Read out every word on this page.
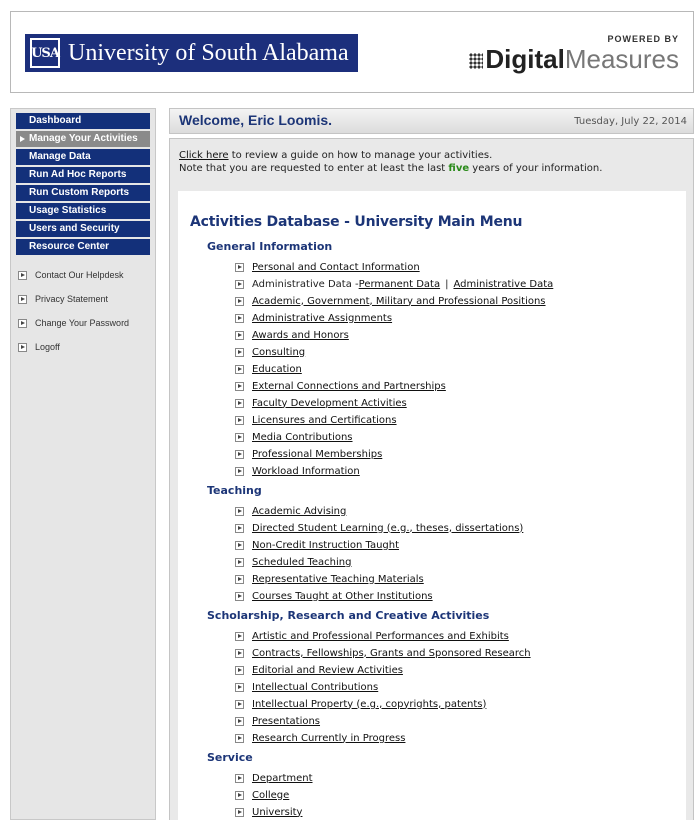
USA University of South Alabama
POWERED BY
DigitalMeasures
Dashboard
Manage Your Activities
Manage Data
Run Ad Hoc Reports
Run Custom Reports
Usage Statistics
Users and Security
Resource Center
Contact Our Helpdesk
Privacy Statement
Change Your Password
Logoff
Welcome, Eric Loomis.	Tuesday, July 22, 2014
Click here to review a guide on how to manage your activities.
Note that you are requested to enter at least the last five years of your information.
Activities Database - University Main Menu
General Information
Personal and Contact Information
Administrative Data - Permanent Data | Administrative Data
Academic, Government, Military and Professional Positions
Administrative Assignments
Awards and Honors
Consulting
Education
External Connections and Partnerships
Faculty Development Activities
Licensures and Certifications
Media Contributions
Professional Memberships
Workload Information
Teaching
Academic Advising
Directed Student Learning (e.g., theses, dissertations)
Non-Credit Instruction Taught
Scheduled Teaching
Representative Teaching Materials
Courses Taught at Other Institutions
Scholarship, Research and Creative Activities
Artistic and Professional Performances and Exhibits
Contracts, Fellowships, Grants and Sponsored Research
Editorial and Review Activities
Intellectual Contributions
Intellectual Property (e.g., copyrights, patents)
Presentations
Research Currently in Progress
Service
Department
College
University
